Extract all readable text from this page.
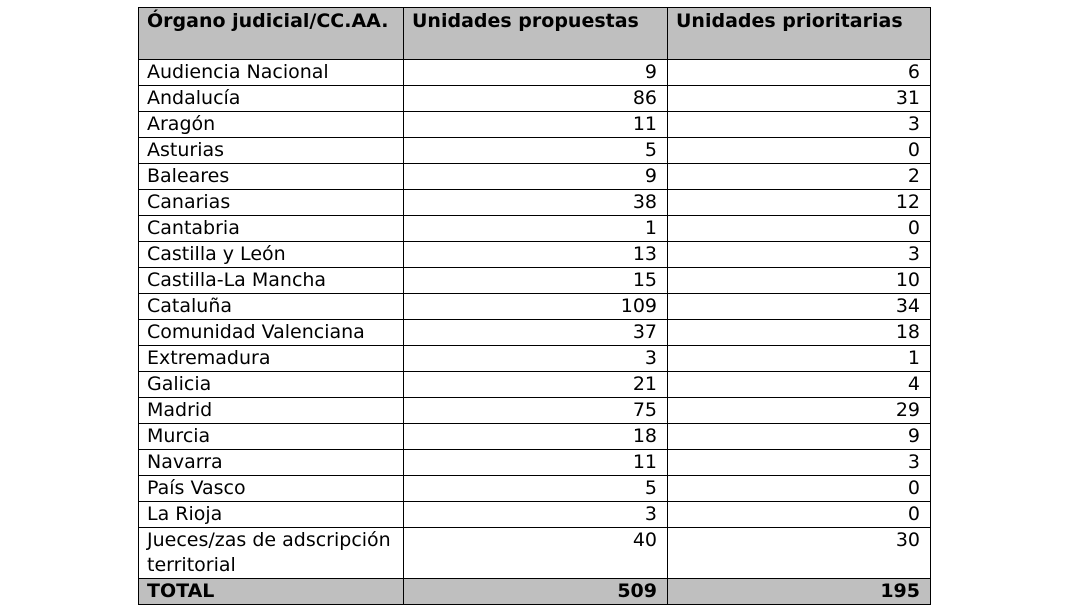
Órgano judicial/CC.AA.	Unidades propuestas	Unidades prioritarias
Audiencia Nacional	9	6
Andalucía	86	31
Aragón	11	3
Asturias	5	0
Baleares	9	2
Canarias	38	12
Cantabria	1	0
Castilla y León	13	3
Castilla-La Mancha	15	10
Cataluña	109	34
Comunidad Valenciana	37	18
Extremadura	3	1
Galicia	21	4
Madrid	75	29
Murcia	18	9
Navarra	11	3
País Vasco	5	0
La Rioja	3	0
Jueces/zas de adscripción territorial	40	30
TOTAL	509	195
